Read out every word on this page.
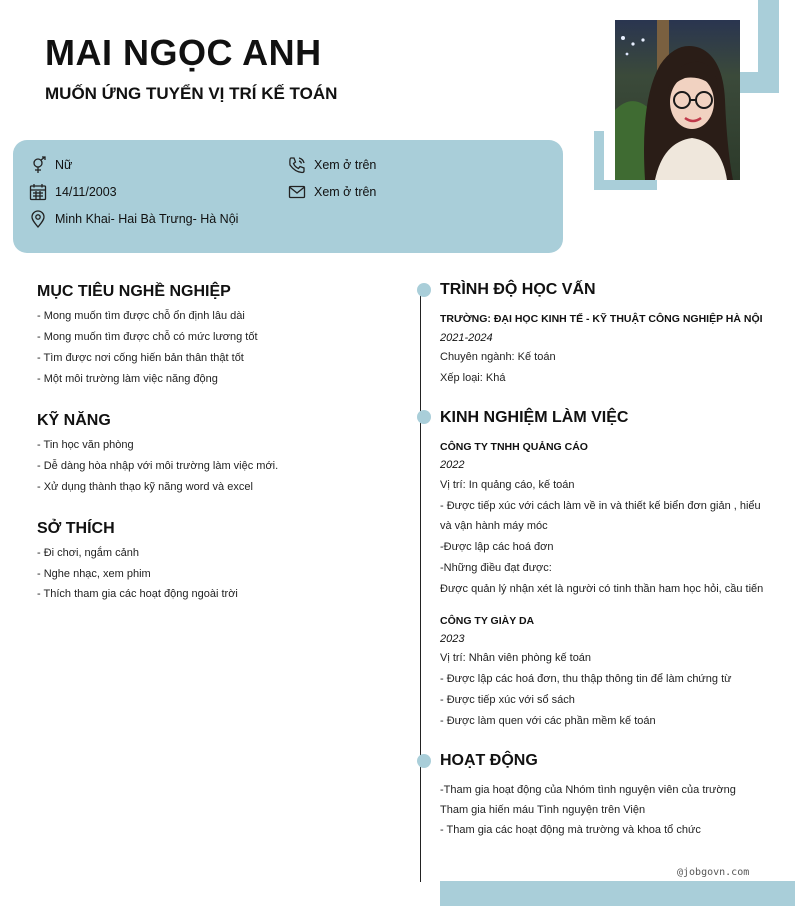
MAI NGỌC ANH
MUỐN ỨNG TUYỂN VỊ TRÍ KẾ TOÁN
Nữ
14/11/2003
Minh Khai- Hai Bà Trưng- Hà Nội
Xem ở trên
Xem ở trên
MỤC TIÊU NGHỀ NGHIỆP
- Mong muốn tìm được chỗ ổn định lâu dài
- Mong muốn tìm được chỗ có mức lương tốt
- Tìm được nơi cống hiến bản thân thật tốt
- Một môi trường làm việc năng động
KỸ NĂNG
- Tin học văn phòng
- Dễ dàng hòa nhập với môi trường làm việc mới.
- Xử dụng thành thạo kỹ năng word và excel
SỞ THÍCH
- Đi chơi, ngắm cảnh
- Nghe nhạc, xem phim
- Thích tham gia các hoạt động ngoài trời
TRÌNH ĐỘ HỌC VẤN
TRƯỜNG: ĐẠI HỌC KINH TẾ - KỸ THUẬT CÔNG NGHIỆP HÀ NỘI
2021-2024
Chuyên ngành: Kế toán
Xếp loại: Khá
KINH NGHIỆM LÀM VIỆC
CÔNG TY TNHH QUẢNG CÁO
2022
Vị trí: In quảng cáo, kế toán
- Được tiếp xúc với cách làm về in và thiết kế biển đơn giản , hiểu
và vận hành máy móc
-Được lập các hoá đơn
-Những điều đạt được:
Được quản lý nhận xét là người có tinh thần ham học hỏi, cầu tiến
CÔNG TY GIÀY DA
2023
Vị trí: Nhân viên phòng kế toán
- Được lập các hoá đơn, thu thập thông tin để làm chứng từ
- Được tiếp xúc với sổ sách
- Được làm quen với các phần mềm kế toán
HOẠT ĐỘNG
-Tham gia hoạt động của Nhóm tình nguyện viên của trường
Tham gia hiến máu Tình nguyện trên Viện
- Tham gia các hoạt động mà trường và khoa tổ chức
@jobgovn.com
